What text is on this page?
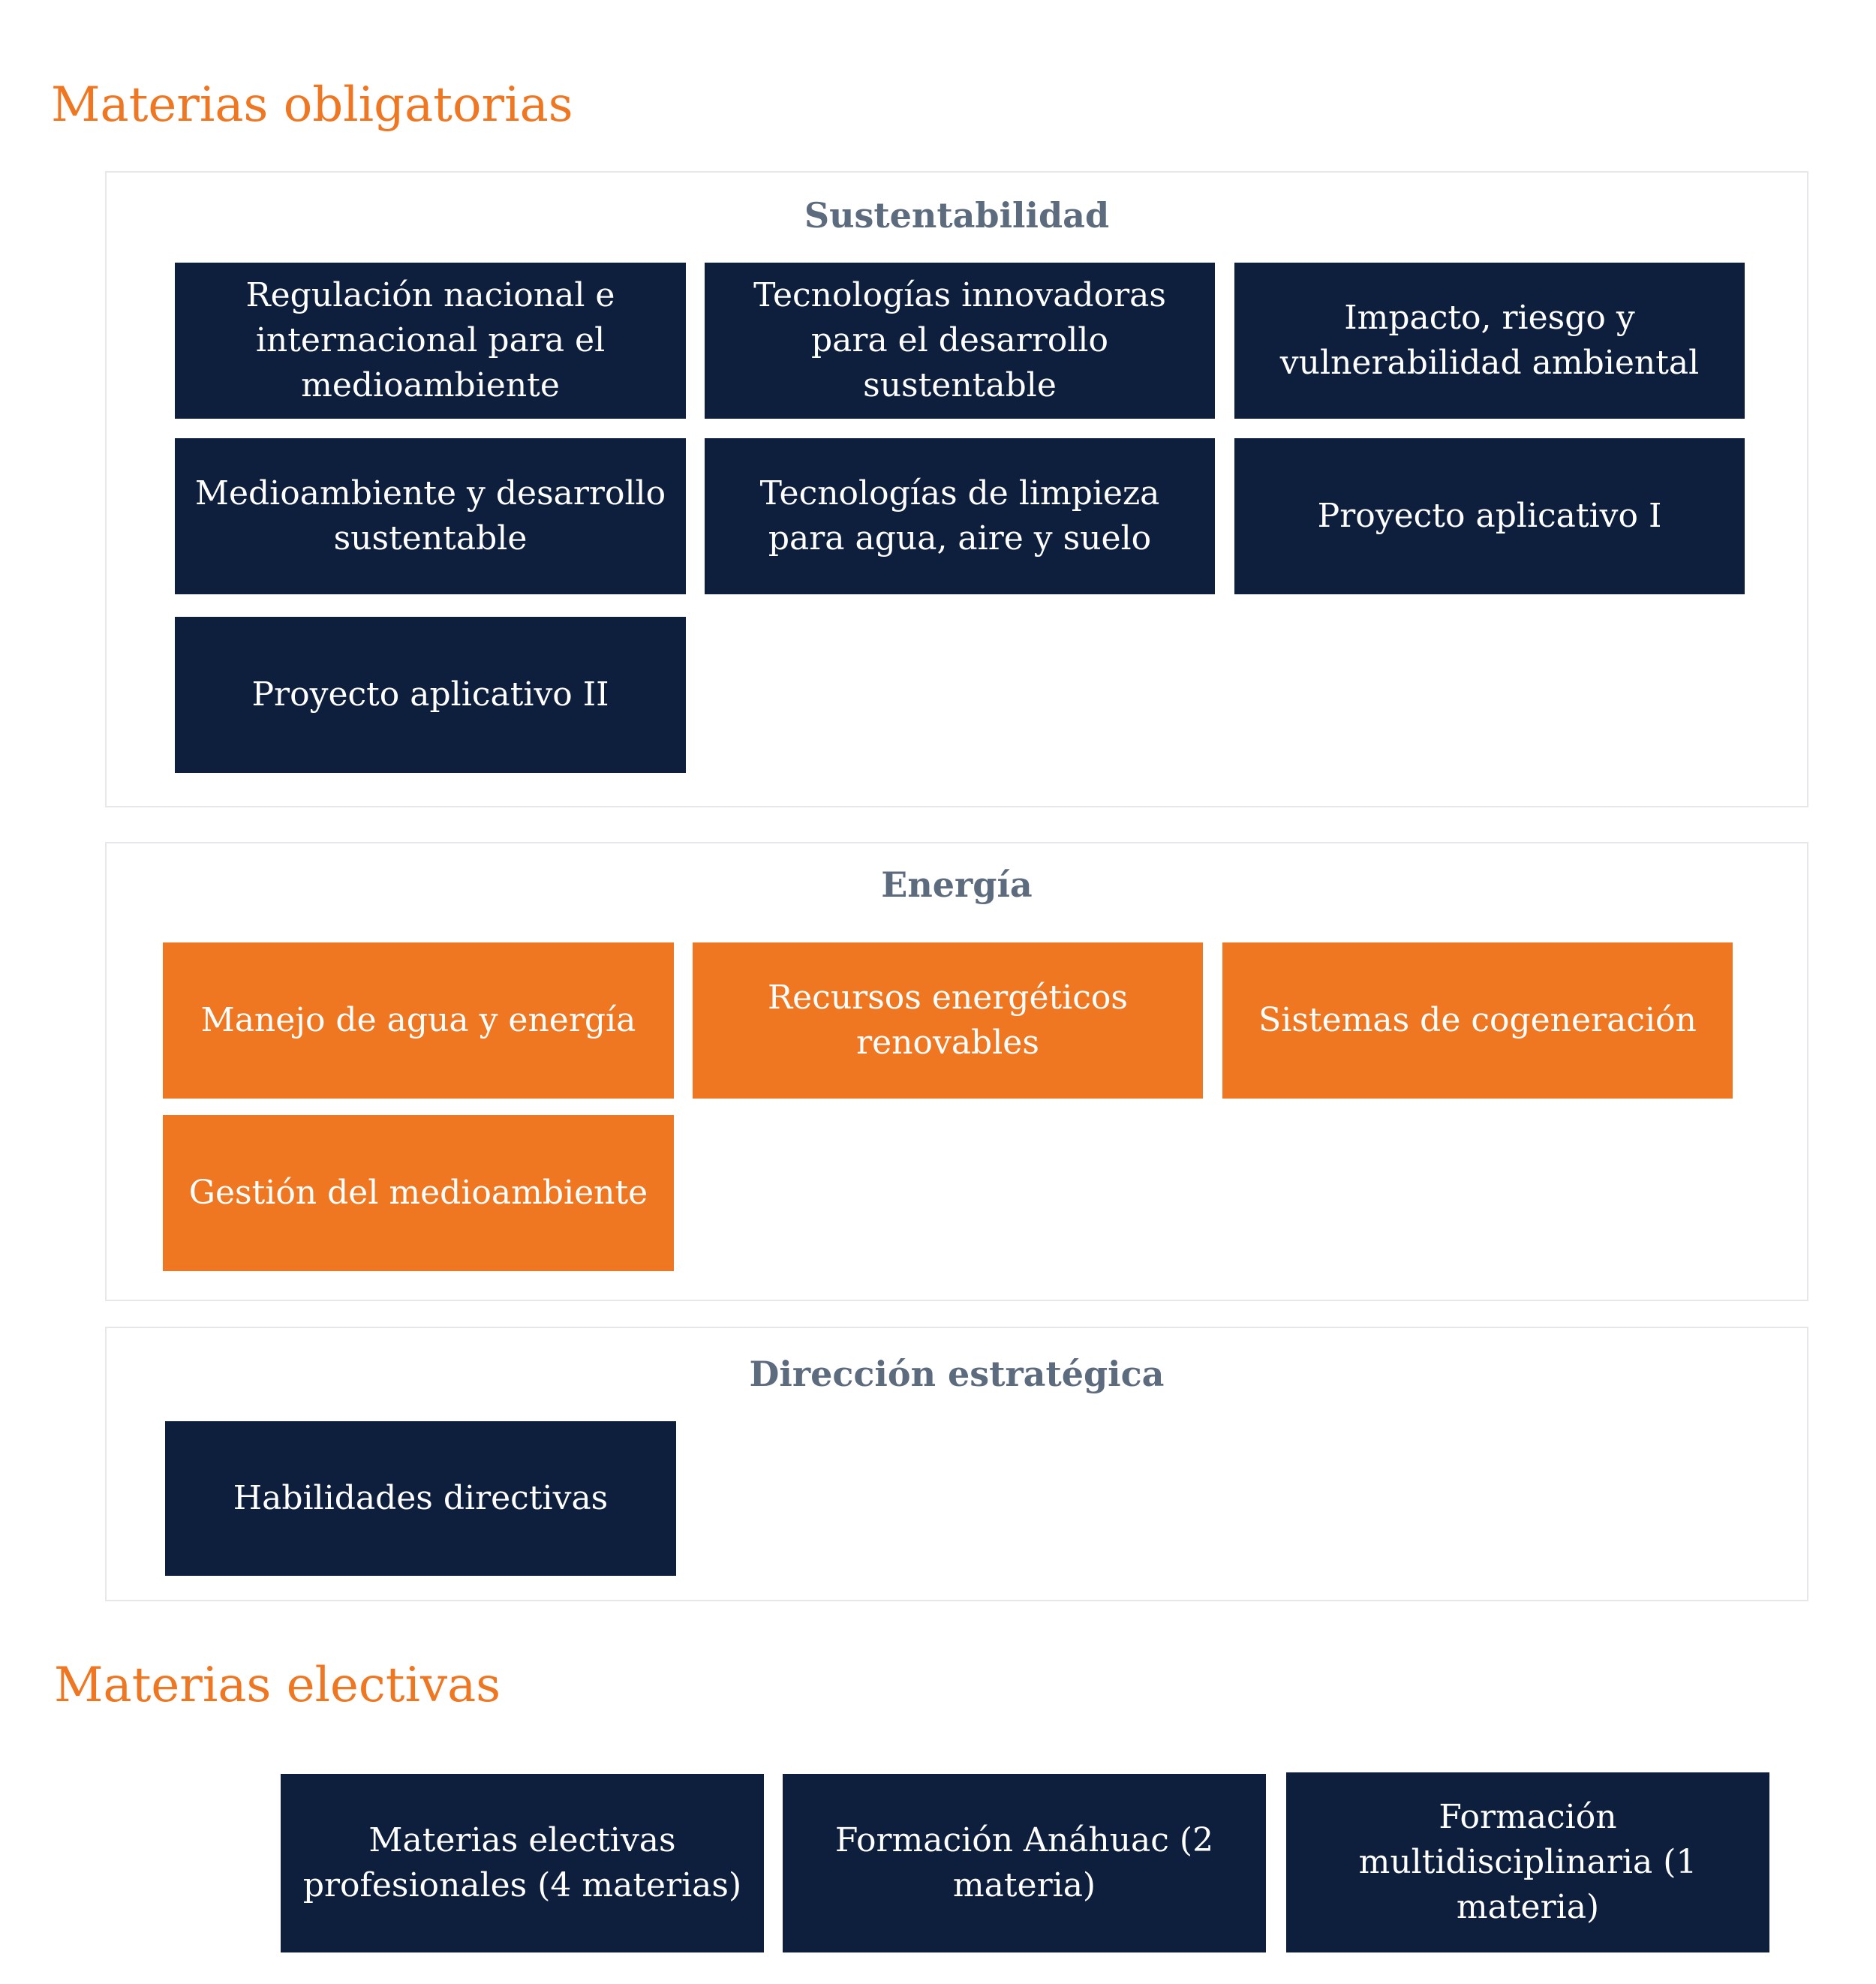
Materias obligatorias
Sustentabilidad
Regulación nacional e internacional para el medioambiente
Tecnologías innovadoras para el desarrollo sustentable
Impacto, riesgo y vulnerabilidad ambiental
Medioambiente y desarrollo sustentable
Tecnologías de limpieza para agua, aire y suelo
Proyecto aplicativo I
Proyecto aplicativo II
Energía
Manejo de agua y energía
Recursos energéticos renovables
Sistemas de cogeneración
Gestión del medioambiente
Dirección estratégica
Habilidades directivas
Materias electivas
Materias electivas profesionales (4 materias)
Formación Anáhuac (2 materia)
Formación multidisciplinaria (1 materia)
